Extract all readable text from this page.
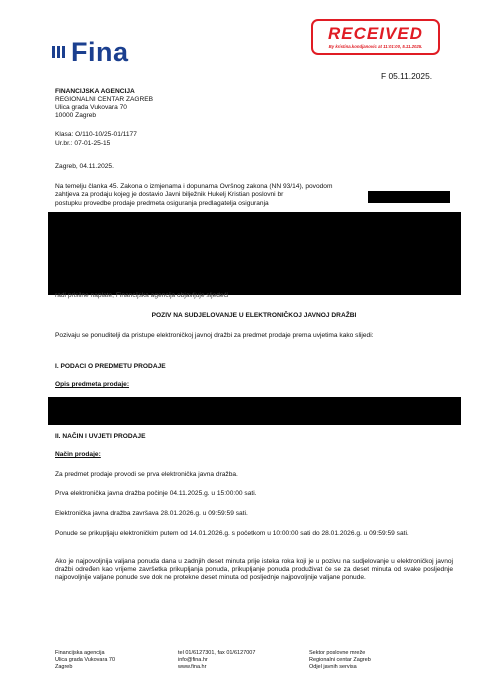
Fina
RECEIVED
By kristina.kondjanovic at 11:01:00, 5.11.2025.
F 05.11.2025.
FINANCIJSKA AGENCIJA
REGIONALNI CENTAR ZAGREB
Ulica grada Vukovara 70
10000 Zagreb
Klasa: O/110-10/25-01/1177
Ur.br.: 07-01-25-15
Zagreb, 04.11.2025.
Na temelju članka 45. Zakona o izmjenama i dopunama Ovršnog zakona (NN 93/14), povodom
zahtjeva za prodaju kojeg je dostavio Javni bilježnik Hukelj Kristian poslovni br
postupku provedbe prodaje predmeta osiguranja predlagatelja osiguranja
radi prisilne naplate, Financijska agencija objavljuje sljedeći
POZIV NA SUDJELOVANJE U ELEKTRONIČKOJ JAVNOJ DRAŽBI
Pozivaju se ponuditelji da pristupe elektroničkoj javnoj dražbi za predmet prodaje prema uvjetima kako slijedi:
I. PODACI O PREDMETU PRODAJE
Opis predmeta prodaje:
II. NAČIN I UVJETI PRODAJE
Način prodaje:
Za predmet prodaje provodi se prva elektronička javna dražba.
Prva elektronička javna dražba počinje 04.11.2025.g. u 15:00:00 sati.
Elektronička javna dražba završava 28.01.2026.g. u 09:59:59 sati.
Ponude se prikupljaju elektroničkim putem od 14.01.2026.g. s početkom u 10:00:00 sati do 28.01.2026.g. u 09:59:59 sati.
Ako je najpovoljnija valjana ponuda dana u zadnjih deset minuta prije isteka roka koji je u pozivu na sudjelovanje u elektroničkoj javnoj dražbi određen kao vrijeme završetka prikupljanja ponuda, prikupljanje ponuda produživat će se za deset minuta od svake posljednje najpovoljnije valjane ponude sve dok ne protekne deset minuta od posljednje najpovoljnije valjane ponude.
Financijska agencija
Ulica grada Vukovara 70
Zagreb
tel 01/6127301, fax 01/6127007
info@fina.hr
www.fina.hr
Sektor poslovne mreže
Regionalni centar Zagreb
Odjel javnih servisa
